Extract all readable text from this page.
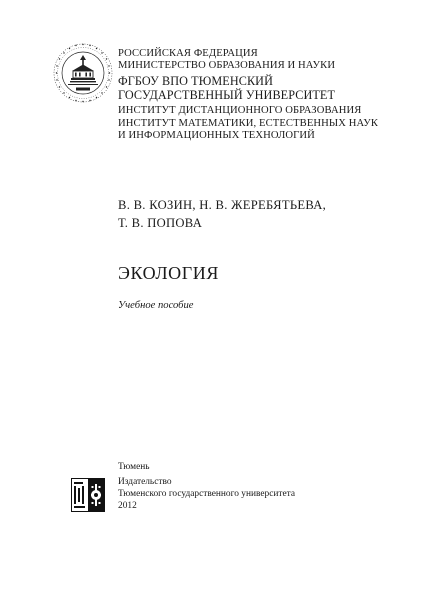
РОССИЙСКАЯ ФЕДЕРАЦИЯ

МИНИСТЕРСТВО ОБРАЗОВАНИЯ И НАУКИ

ФГБОУ ВПО ТЮМЕНСКИЙ

ГОСУДАРСТВЕННЫЙ УНИВЕРСИТЕТ

ИНСТИТУТ ДИСТАНЦИОННОГО ОБРАЗОВАНИЯ

ИНСТИТУТ МАТЕМАТИКИ, ЕСТЕСТВЕННЫХ НАУК

И ИНФОРМАЦИОННЫХ ТЕХНОЛОГИЙ

В. В. КОЗИН, Н. В. ЖЕРЕБЯТЬЕВА,

Т. В. ПОПОВА

ЭКОЛОГИЯ

Учебное пособие

Тюмень

Издательство

Тюменского государственного университета

2012
